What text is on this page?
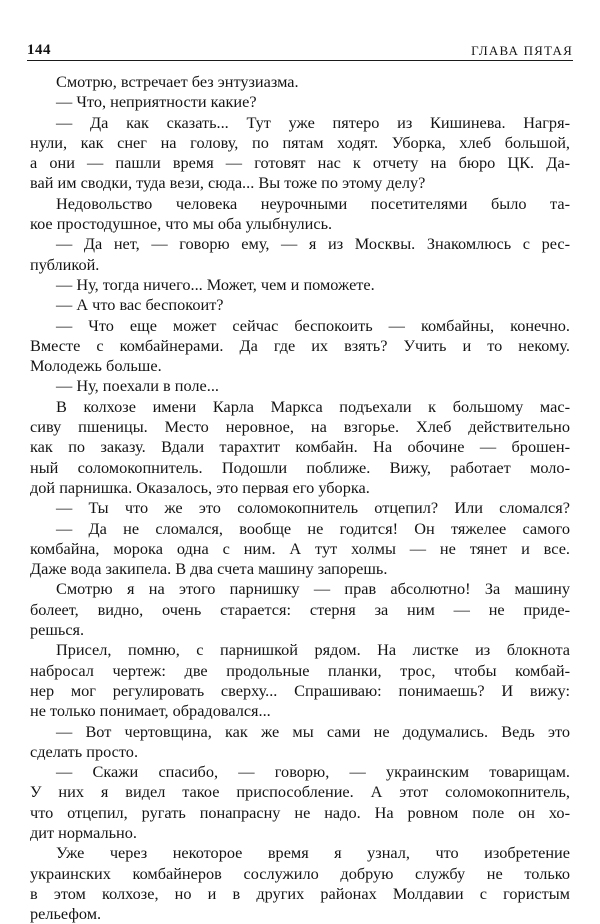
144	ГЛАВА ПЯТАЯ
Смотрю, встречает без энтузиазма.
— Что, неприятности какие?
— Да как сказать... Тут уже пятеро из Кишинева. Нагря-
нули, как снег на голову, по пятам ходят. Уборка, хлеб большой,
а они — пашли время — готовят нас к отчету на бюро ЦК. Да-
вай им сводки, туда вези, сюда... Вы тоже по этому делу?
Недовольство человека неурочными посетителями было та-
кое простодушное, что мы оба улыбнулись.
— Да нет, — говорю ему, — я из Москвы. Знакомлюсь с рес-
публикой.
— Ну, тогда ничего... Может, чем и поможете.
— А что вас беспокоит?
— Что еще может сейчас беспокоить — комбайны, конечно.
Вместе с комбайнерами. Да где их взять? Учить и то некому.
Молодежь больше.
— Ну, поехали в поле...
В колхозе имени Карла Маркса подъехали к большому мас-
сиву пшеницы. Место неровное, на взгорье. Хлеб действительно
как по заказу. Вдали тарахтит комбайн. На обочине — брошен-
ный соломокопнитель. Подошли поближе. Вижу, работает моло-
дой парнишка. Оказалось, это первая его уборка.
— Ты что же это соломокопнитель отцепил? Или сломался?
— Да не сломался, вообще не годится! Он тяжелее самого
комбайна, морока одна с ним. А тут холмы — не тянет и все.
Даже вода закипела. В два счета машину запорешь.
Смотрю я на этого парнишку — прав абсолютно! За машину
болеет, видно, очень старается: стерня за ним — не приде-
решься.
Присел, помню, с парнишкой рядом. На листке из блокнота
набросал чертеж: две продольные планки, трос, чтобы комбай-
нер мог регулировать сверху... Спрашиваю: понимаешь? И вижу:
не только понимает, обрадовался...
— Вот чертовщина, как же мы сами не додумались. Ведь это
сделать просто.
— Скажи спасибо, — говорю, — украинским товарищам.
У них я видел такое приспособление. А этот соломокопнитель,
что отцепил, ругать понапрасну не надо. На ровном поле он хо-
дит нормально.
Уже через некоторое время я узнал, что изобретение
украинских комбайнеров сослужило добрую службу не только
в этом колхозе, но и в других районах Молдавии с гористым
рельефом.
